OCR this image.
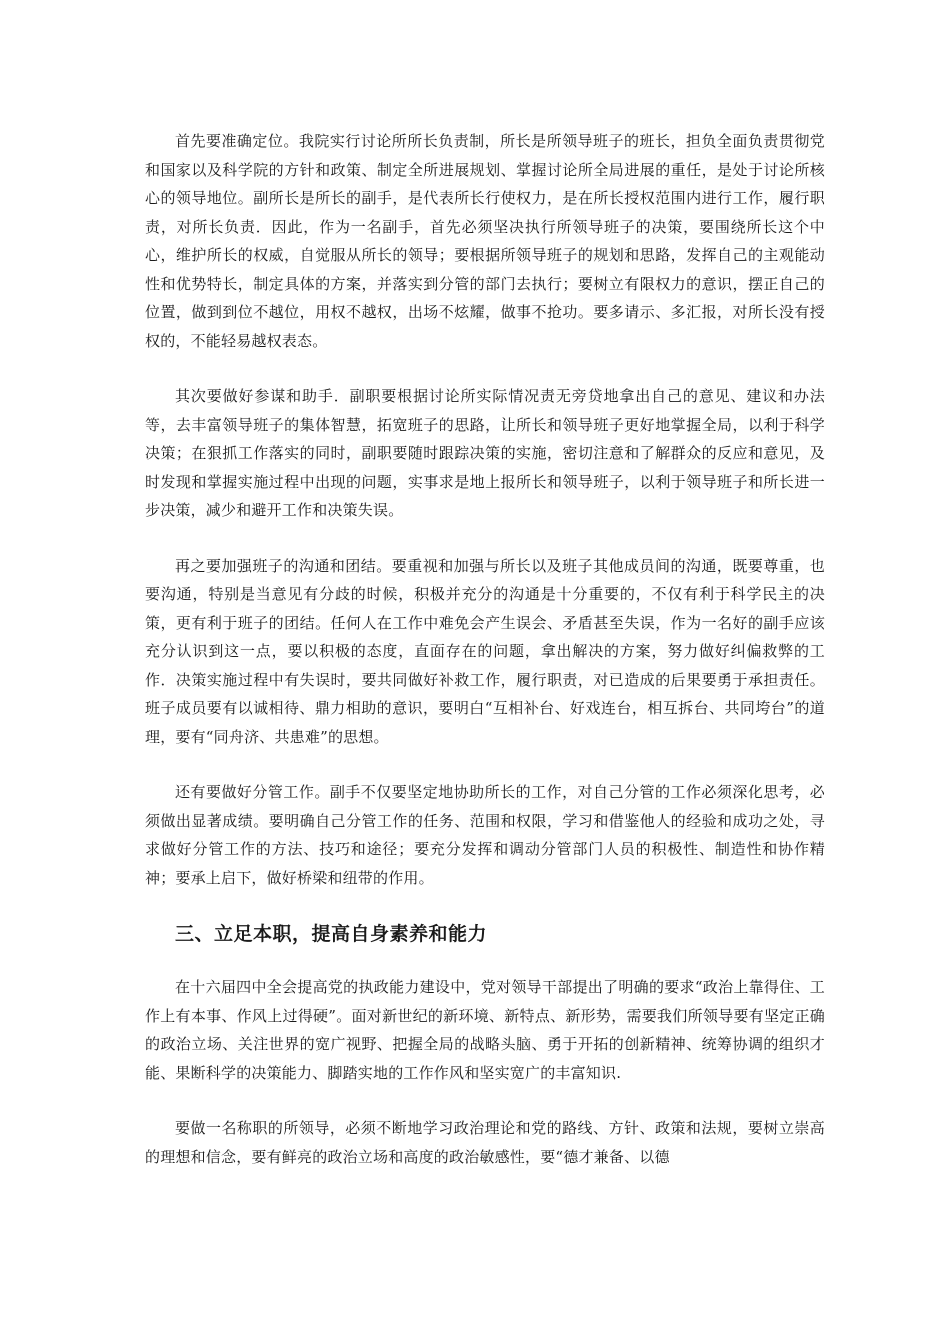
首先要准确定位。我院实行讨论所所长负责制，所长是所领导班子的班长，担负全面负责贯彻党和国家以及科学院的方针和政策、制定全所进展规划、掌握讨论所全局进展的重任，是处于讨论所核心的领导地位。副所长是所长的副手，是代表所长行使权力，是在所长授权范围内进行工作，履行职责，对所长负责．因此，作为一名副手，首先必须坚决执行所领导班子的决策，要围绕所长这个中心，维护所长的权威，自觉服从所长的领导；要根据所领导班子的规划和思路，发挥自己的主观能动性和优势特长，制定具体的方案，并落实到分管的部门去执行；要树立有限权力的意识，摆正自己的位置，做到到位不越位，用权不越权，出场不炫耀，做事不抢功。要多请示、多汇报，对所长没有授权的，不能轻易越权表态。

其次要做好参谋和助手．副职要根据讨论所实际情况责无旁贷地拿出自己的意见、建议和办法等，去丰富领导班子的集体智慧，拓宽班子的思路，让所长和领导班子更好地掌握全局，以利于科学决策；在狠抓工作落实的同时，副职要随时跟踪决策的实施，密切注意和了解群众的反应和意见，及时发现和掌握实施过程中出现的问题，实事求是地上报所长和领导班子，以利于领导班子和所长进一步决策，减少和避开工作和决策失误。

再之要加强班子的沟通和团结。要重视和加强与所长以及班子其他成员间的沟通，既要尊重，也要沟通，特别是当意见有分歧的时候，积极并充分的沟通是十分重要的，不仅有利于科学民主的决策，更有利于班子的团结。任何人在工作中难免会产生误会、矛盾甚至失误，作为一名好的副手应该充分认识到这一点，要以积极的态度，直面存在的问题，拿出解决的方案，努力做好纠偏救弊的工作．决策实施过程中有失误时，要共同做好补救工作，履行职责，对已造成的后果要勇于承担责任。班子成员要有以诚相待、鼎力相助的意识，要明白“互相补台、好戏连台，相互拆台、共同垮台”的道理，要有“同舟济、共患难”的思想。

还有要做好分管工作。副手不仅要坚定地协助所长的工作，对自己分管的工作必须深化思考，必须做出显著成绩。要明确自己分管工作的任务、范围和权限，学习和借鉴他人的经验和成功之处，寻求做好分管工作的方法、技巧和途径；要充分发挥和调动分管部门人员的积极性、制造性和协作精神；要承上启下，做好桥梁和纽带的作用。

三、立足本职，提高自身素养和能力

在十六届四中全会提高党的执政能力建设中，党对领导干部提出了明确的要求“政治上靠得住、工作上有本事、作风上过得硬”。面对新世纪的新环境、新特点、新形势，需要我们所领导要有坚定正确的政治立场、关注世界的宽广视野、把握全局的战略头脑、勇于开拓的创新精神、统筹协调的组织才能、果断科学的决策能力、脚踏实地的工作作风和坚实宽广的丰富知识.

要做一名称职的所领导，必须不断地学习政治理论和党的路线、方针、政策和法规，要树立崇高的理想和信念，要有鲜亮的政治立场和高度的政治敏感性，要“德才兼备、以德
